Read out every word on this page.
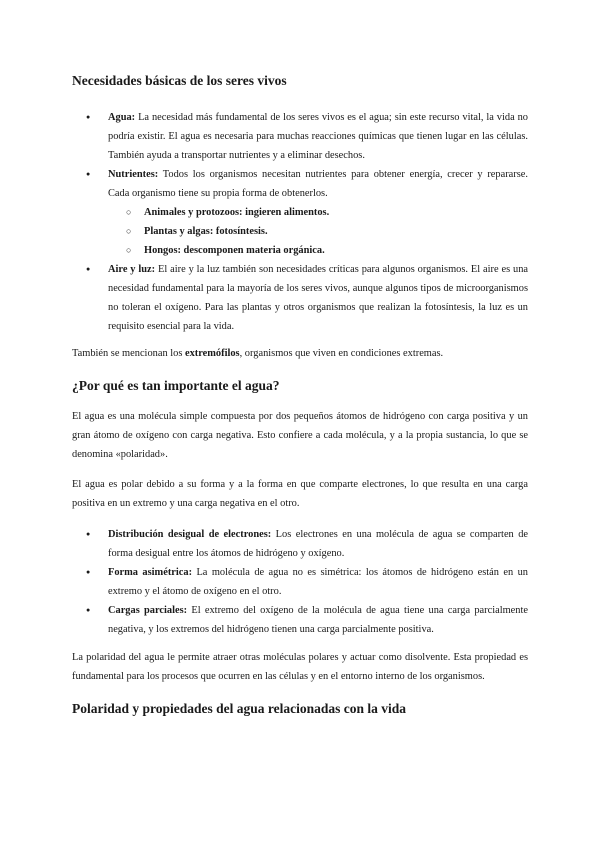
Necesidades básicas de los seres vivos
● Agua: La necesidad más fundamental de los seres vivos es el agua; sin este recurso vital, la vida no podría existir. El agua es necesaria para muchas reacciones químicas que tienen lugar en las células. También ayuda a transportar nutrientes y a eliminar desechos.
● Nutrientes: Todos los organismos necesitan nutrientes para obtener energía, crecer y repararse. Cada organismo tiene su propia forma de obtenerlos.
○ Animales y protozoos: ingieren alimentos.
○ Plantas y algas: fotosíntesis.
○ Hongos: descomponen materia orgánica.
● Aire y luz: El aire y la luz también son necesidades críticas para algunos organismos. El aire es una necesidad fundamental para la mayoría de los seres vivos, aunque algunos tipos de microorganismos no toleran el oxígeno. Para las plantas y otros organismos que realizan la fotosíntesis, la luz es un requisito esencial para la vida.

También se mencionan los extremófilos, organismos que viven en condiciones extremas.

¿Por qué es tan importante el agua?

El agua es una molécula simple compuesta por dos pequeños átomos de hidrógeno con carga positiva y un gran átomo de oxígeno con carga negativa. Esto confiere a cada molécula, y a la propia sustancia, lo que se denomina «polaridad».

El agua es polar debido a su forma y a la forma en que comparte electrones, lo que resulta en una carga positiva en un extremo y una carga negativa en el otro.

● Distribución desigual de electrones: Los electrones en una molécula de agua se comparten de forma desigual entre los átomos de hidrógeno y oxígeno.
● Forma asimétrica: La molécula de agua no es simétrica: los átomos de hidrógeno están en un extremo y el átomo de oxígeno en el otro.
● Cargas parciales: El extremo del oxígeno de la molécula de agua tiene una carga parcialmente negativa, y los extremos del hidrógeno tienen una carga parcialmente positiva.

La polaridad del agua le permite atraer otras moléculas polares y actuar como disolvente. Esta propiedad es fundamental para los procesos que ocurren en las células y en el entorno interno de los organismos.

Polaridad y propiedades del agua relacionadas con la vida
